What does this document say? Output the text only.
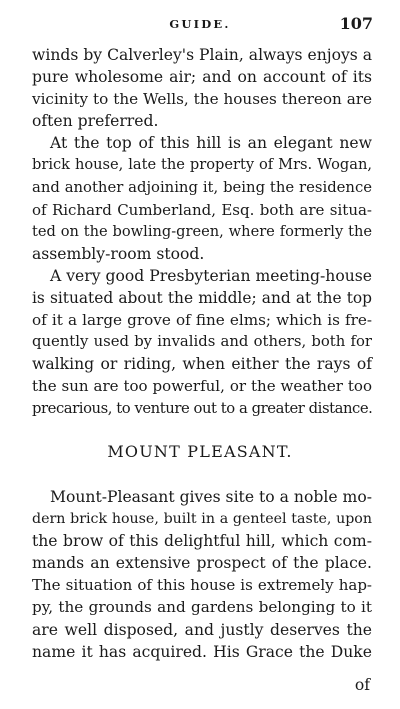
GUIDE.	107
winds by Calverley's Plain, always enjoys a
pure wholesome air; and on account of its
vicinity to the Wells, the houses thereon are
often preferred.
At the top of this hill is an elegant new
brick house, late the property of Mrs. Wogan,
and another adjoining it, being the residence
of Richard Cumberland, Esq. both are situa-
ted on the bowling-green, where formerly the
assembly-room stood.
A very good Presbyterian meeting-house
is situated about the middle; and at the top
of it a large grove of fine elms; which is fre-
quently used by invalids and others, both for
walking or riding, when either the rays of
the sun are too powerful, or the weather too
precarious, to venture out to a greater distance.
MOUNT PLEASANT.
Mount-Pleasant gives site to a noble mo-
dern brick house, built in a genteel taste, upon
the brow of this delightful hill, which com-
mands an extensive prospect of the place.
The situation of this house is extremely hap-
py, the grounds and gardens belonging to it
are well disposed, and justly deserves the
name it has acquired. His Grace the Duke
of
